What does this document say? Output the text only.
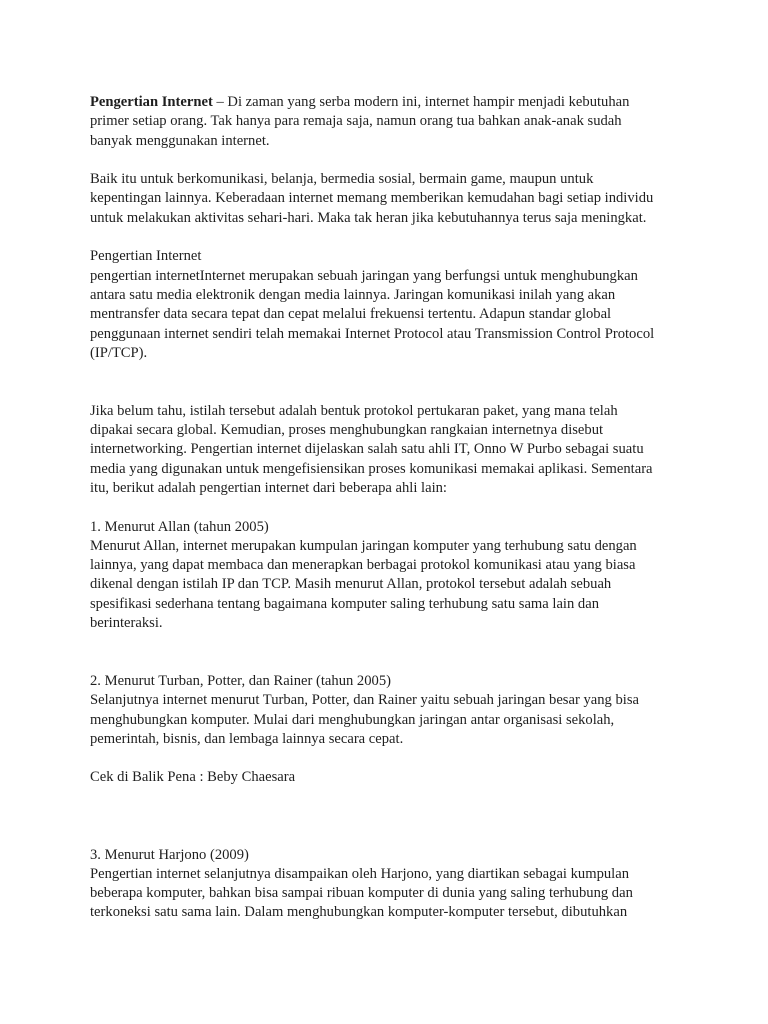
Pengertian Internet – Di zaman yang serba modern ini, internet hampir menjadi kebutuhan
primer setiap orang. Tak hanya para remaja saja, namun orang tua bahkan anak-anak sudah
banyak menggunakan internet.

Baik itu untuk berkomunikasi, belanja, bermedia sosial, bermain game, maupun untuk
kepentingan lainnya. Keberadaan internet memang memberikan kemudahan bagi setiap individu
untuk melakukan aktivitas sehari-hari. Maka tak heran jika kebutuhannya terus saja meningkat.

Pengertian Internet

pengertian internetInternet merupakan sebuah jaringan yang berfungsi untuk menghubungkan
antara satu media elektronik dengan media lainnya. Jaringan komunikasi inilah yang akan
mentransfer data secara tepat dan cepat melalui frekuensi tertentu. Adapun standar global
penggunaan internet sendiri telah memakai Internet Protocol atau Transmission Control Protocol
(IP/TCP).

Jika belum tahu, istilah tersebut adalah bentuk protokol pertukaran paket, yang mana telah
dipakai secara global. Kemudian, proses menghubungkan rangkaian internetnya disebut
internetworking. Pengertian internet dijelaskan salah satu ahli IT, Onno W Purbo sebagai suatu
media yang digunakan untuk mengefisiensikan proses komunikasi memakai aplikasi. Sementara
itu, berikut adalah pengertian internet dari beberapa ahli lain:

1. Menurut Allan (tahun 2005)
Menurut Allan, internet merupakan kumpulan jaringan komputer yang terhubung satu dengan
lainnya, yang dapat membaca dan menerapkan berbagai protokol komunikasi atau yang biasa
dikenal dengan istilah IP dan TCP. Masih menurut Allan, protokol tersebut adalah sebuah
spesifikasi sederhana tentang bagaimana komputer saling terhubung satu sama lain dan
berinteraksi.

2. Menurut Turban, Potter, dan Rainer (tahun 2005)
Selanjutnya internet menurut Turban, Potter, dan Rainer yaitu sebuah jaringan besar yang bisa
menghubungkan komputer. Mulai dari menghubungkan jaringan antar organisasi sekolah,
pemerintah, bisnis, dan lembaga lainnya secara cepat.

Cek di Balik Pena : Beby Chaesara

3. Menurut Harjono (2009)
Pengertian internet selanjutnya disampaikan oleh Harjono, yang diartikan sebagai kumpulan
beberapa komputer, bahkan bisa sampai ribuan komputer di dunia yang saling terhubung dan
terkoneksi satu sama lain. Dalam menghubungkan komputer-komputer tersebut, dibutuhkan
